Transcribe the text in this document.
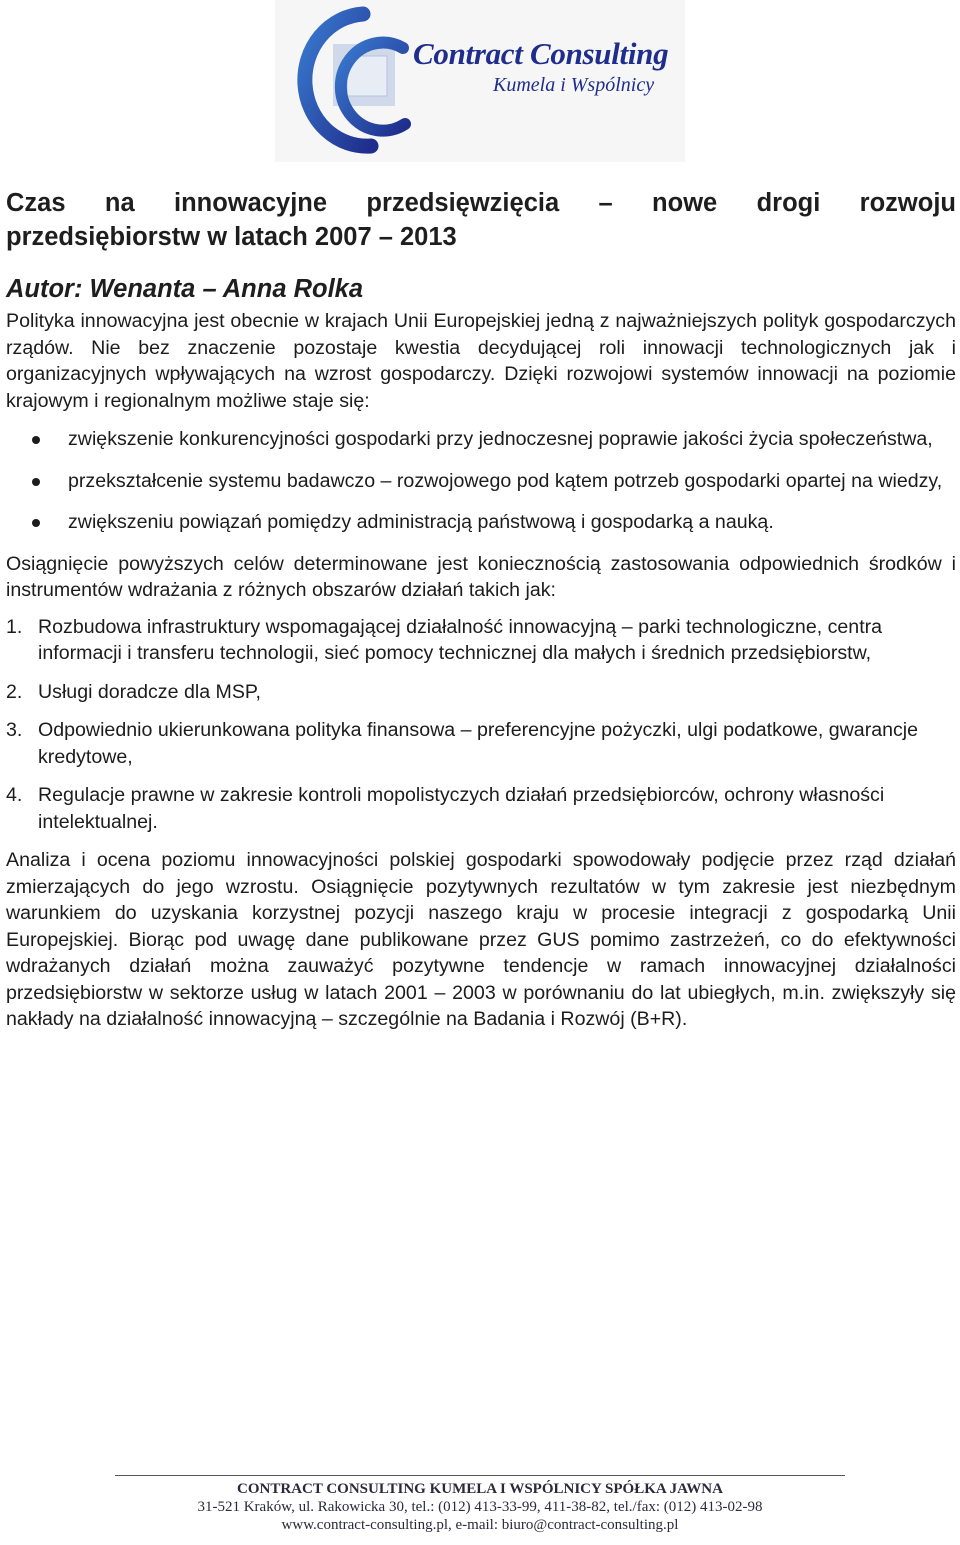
Contract Consulting

Kumela i Wspólnicy

Czas na innowacyjne przedsięwzięcia – nowe drogi rozwoju

przedsiębiorstw w latach 2007 – 2013

Autor: Wenanta – Anna Rolka

Polityka innowacyjna jest obecnie w krajach Unii Europejskiej jedną z najważniejszych polityk gospodarczych rządów. Nie bez znaczenie pozostaje kwestia decydującej roli innowacji technologicznych jak i organizacyjnych wpływających na wzrost gospodarczy. Dzięki rozwojowi systemów innowacji na poziomie krajowym i regionalnym możliwe staje się:

zwiększenie konkurencyjności gospodarki przy jednoczesnej poprawie jakości życia społeczeństwa,
przekształcenie systemu badawczo – rozwojowego pod kątem potrzeb gospodarki opartej na wiedzy,
zwiększeniu powiązań pomiędzy administracją państwową i gospodarką a nauką.

Osiągnięcie powyższych celów determinowane jest koniecznością zastosowania odpowiednich środków i instrumentów wdrażania z różnych obszarów działań takich jak:

1. Rozbudowa infrastruktury wspomagającej działalność innowacyjną – parki technologiczne, centra informacji i transferu technologii, sieć pomocy technicznej dla małych i średnich przedsiębiorstw,
2. Usługi doradcze dla MSP,
3. Odpowiednio ukierunkowana polityka finansowa – preferencyjne pożyczki, ulgi podatkowe, gwarancje kredytowe,
4. Regulacje prawne w zakresie kontroli mopolistyczych działań przedsiębiorców, ochrony własności intelektualnej.

Analiza i ocena poziomu innowacyjności polskiej gospodarki spowodowały podjęcie przez rząd działań zmierzających do jego wzrostu. Osiągnięcie pozytywnych rezultatów w tym zakresie jest niezbędnym warunkiem do uzyskania korzystnej pozycji naszego kraju w procesie integracji z gospodarką Unii Europejskiej. Biorąc pod uwagę dane publikowane przez GUS pomimo zastrzeżeń, co do efektywności wdrażanych działań można zauważyć pozytywne tendencje w ramach innowacyjnej działalności przedsiębiorstw w sektorze usług w latach 2001 – 2003 w porównaniu do lat ubiegłych, m.in. zwiększyły się nakłady na działalność innowacyjną – szczególnie na Badania i Rozwój (B+R).

CONTRACT CONSULTING KUMELA I WSPÓLNICY SPÓŁKA JAWNA
31-521 Kraków, ul. Rakowicka 30, tel.: (012) 413-33-99, 411-38-82, tel./fax: (012) 413-02-98
www.contract-consulting.pl, e-mail: biuro@contract-consulting.pl
